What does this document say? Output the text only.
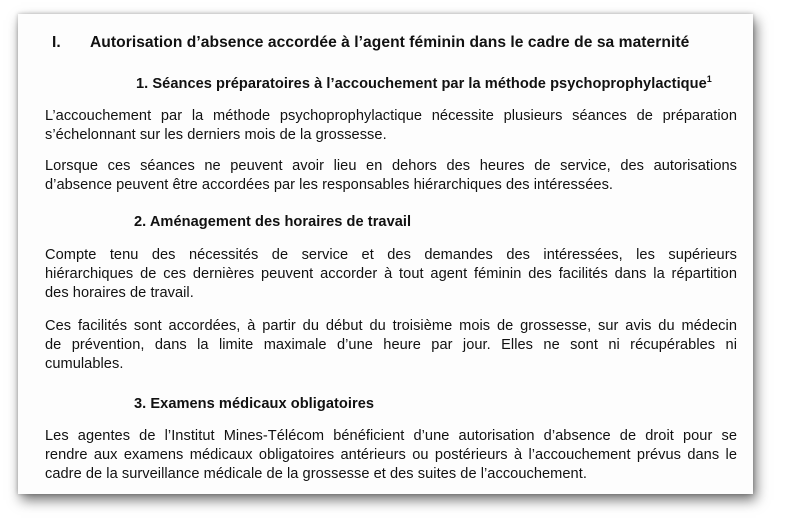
I. Autorisation d’absence accordée à l’agent féminin dans le cadre de sa maternité
1. Séances préparatoires à l’accouchement par la méthode psychoprophylactique$^1$
L’accouchement par la méthode psychoprophylactique nécessite plusieurs séances de préparation
s’échelonnant sur les derniers mois de la grossesse.
Lorsque ces séances ne peuvent avoir lieu en dehors des heures de service, des autorisations
d’absence peuvent être accordées par les responsables hiérarchiques des intéressées.
2. Aménagement des horaires de travail
Compte tenu des nécessités de service et des demandes des intéressées, les supérieurs
hiérarchiques de ces dernières peuvent accorder à tout agent féminin des facilités dans la répartition
des horaires de travail.
Ces facilités sont accordées, à partir du début du troisième mois de grossesse, sur avis du médecin
de prévention, dans la limite maximale d’une heure par jour. Elles ne sont ni récupérables ni
cumulables.
3. Examens médicaux obligatoires
Les agentes de l’Institut Mines-Télécom bénéficient d’une autorisation d’absence de droit pour se
rendre aux examens médicaux obligatoires antérieurs ou postérieurs à l’accouchement prévus dans le
cadre de la surveillance médicale de la grossesse et des suites de l’accouchement.
